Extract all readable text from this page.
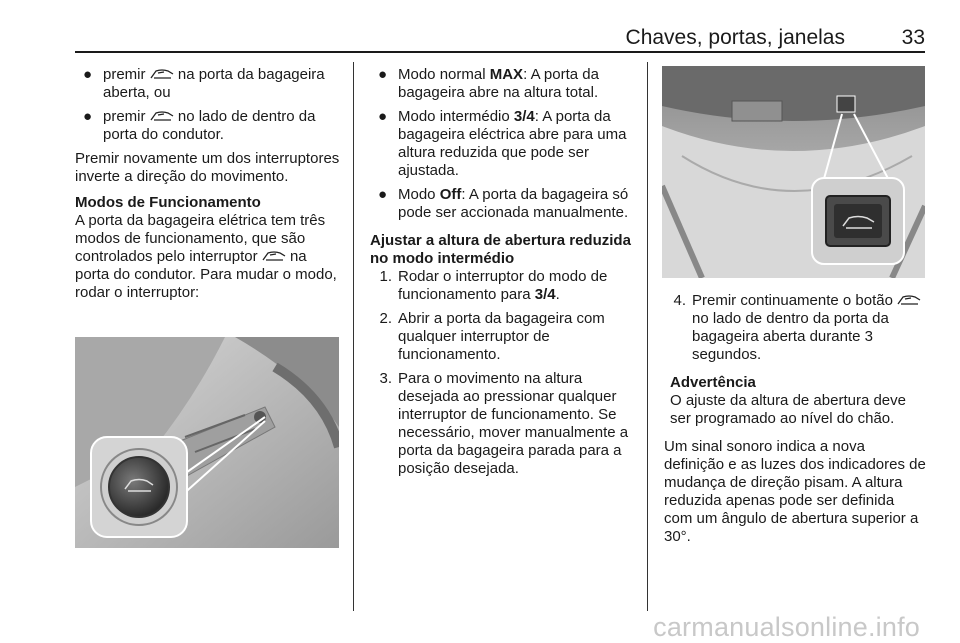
Chaves, portas, janelas	33
● premir na porta da bagageira aberta, ou
● premir no lado de dentro da porta do condutor.

Premir novamente um dos interruptores inverte a direção do movimento.

Modos de Funcionamento

A porta da bagageira elétrica tem três modos de funcionamento, que são controlados pelo interruptor na porta do condutor. Para mudar o modo, rodar o interruptor:

● Modo normal MAX: A porta da bagageira abre na altura total.
● Modo intermédio 3/4: A porta da bagageira eléctrica abre para uma altura reduzida que pode ser ajustada.
● Modo Off: A porta da bagageira só pode ser accionada manualmente.

Ajustar a altura de abertura reduzida no modo intermédio

1. Rodar o interruptor do modo de funcionamento para 3/4.
2. Abrir a porta da bagageira com qualquer interruptor de funcionamento.
3. Para o movimento na altura desejada ao pressionar qualquer interruptor de funcionamento. Se necessário, mover manualmente a porta da bagageira parada para a posição desejada.
4. Premir continuamente o botão
no lado de dentro da porta da bagageira aberta durante 3 segundos.

Advertência

O ajuste da altura de abertura deve ser programado ao nível do chão.

Um sinal sonoro indica a nova definição e as luzes dos indicadores de mudança de direção pisam. A altura reduzida apenas pode ser definida com um ângulo de abertura superior a 30°.

carmanualsonline.info
